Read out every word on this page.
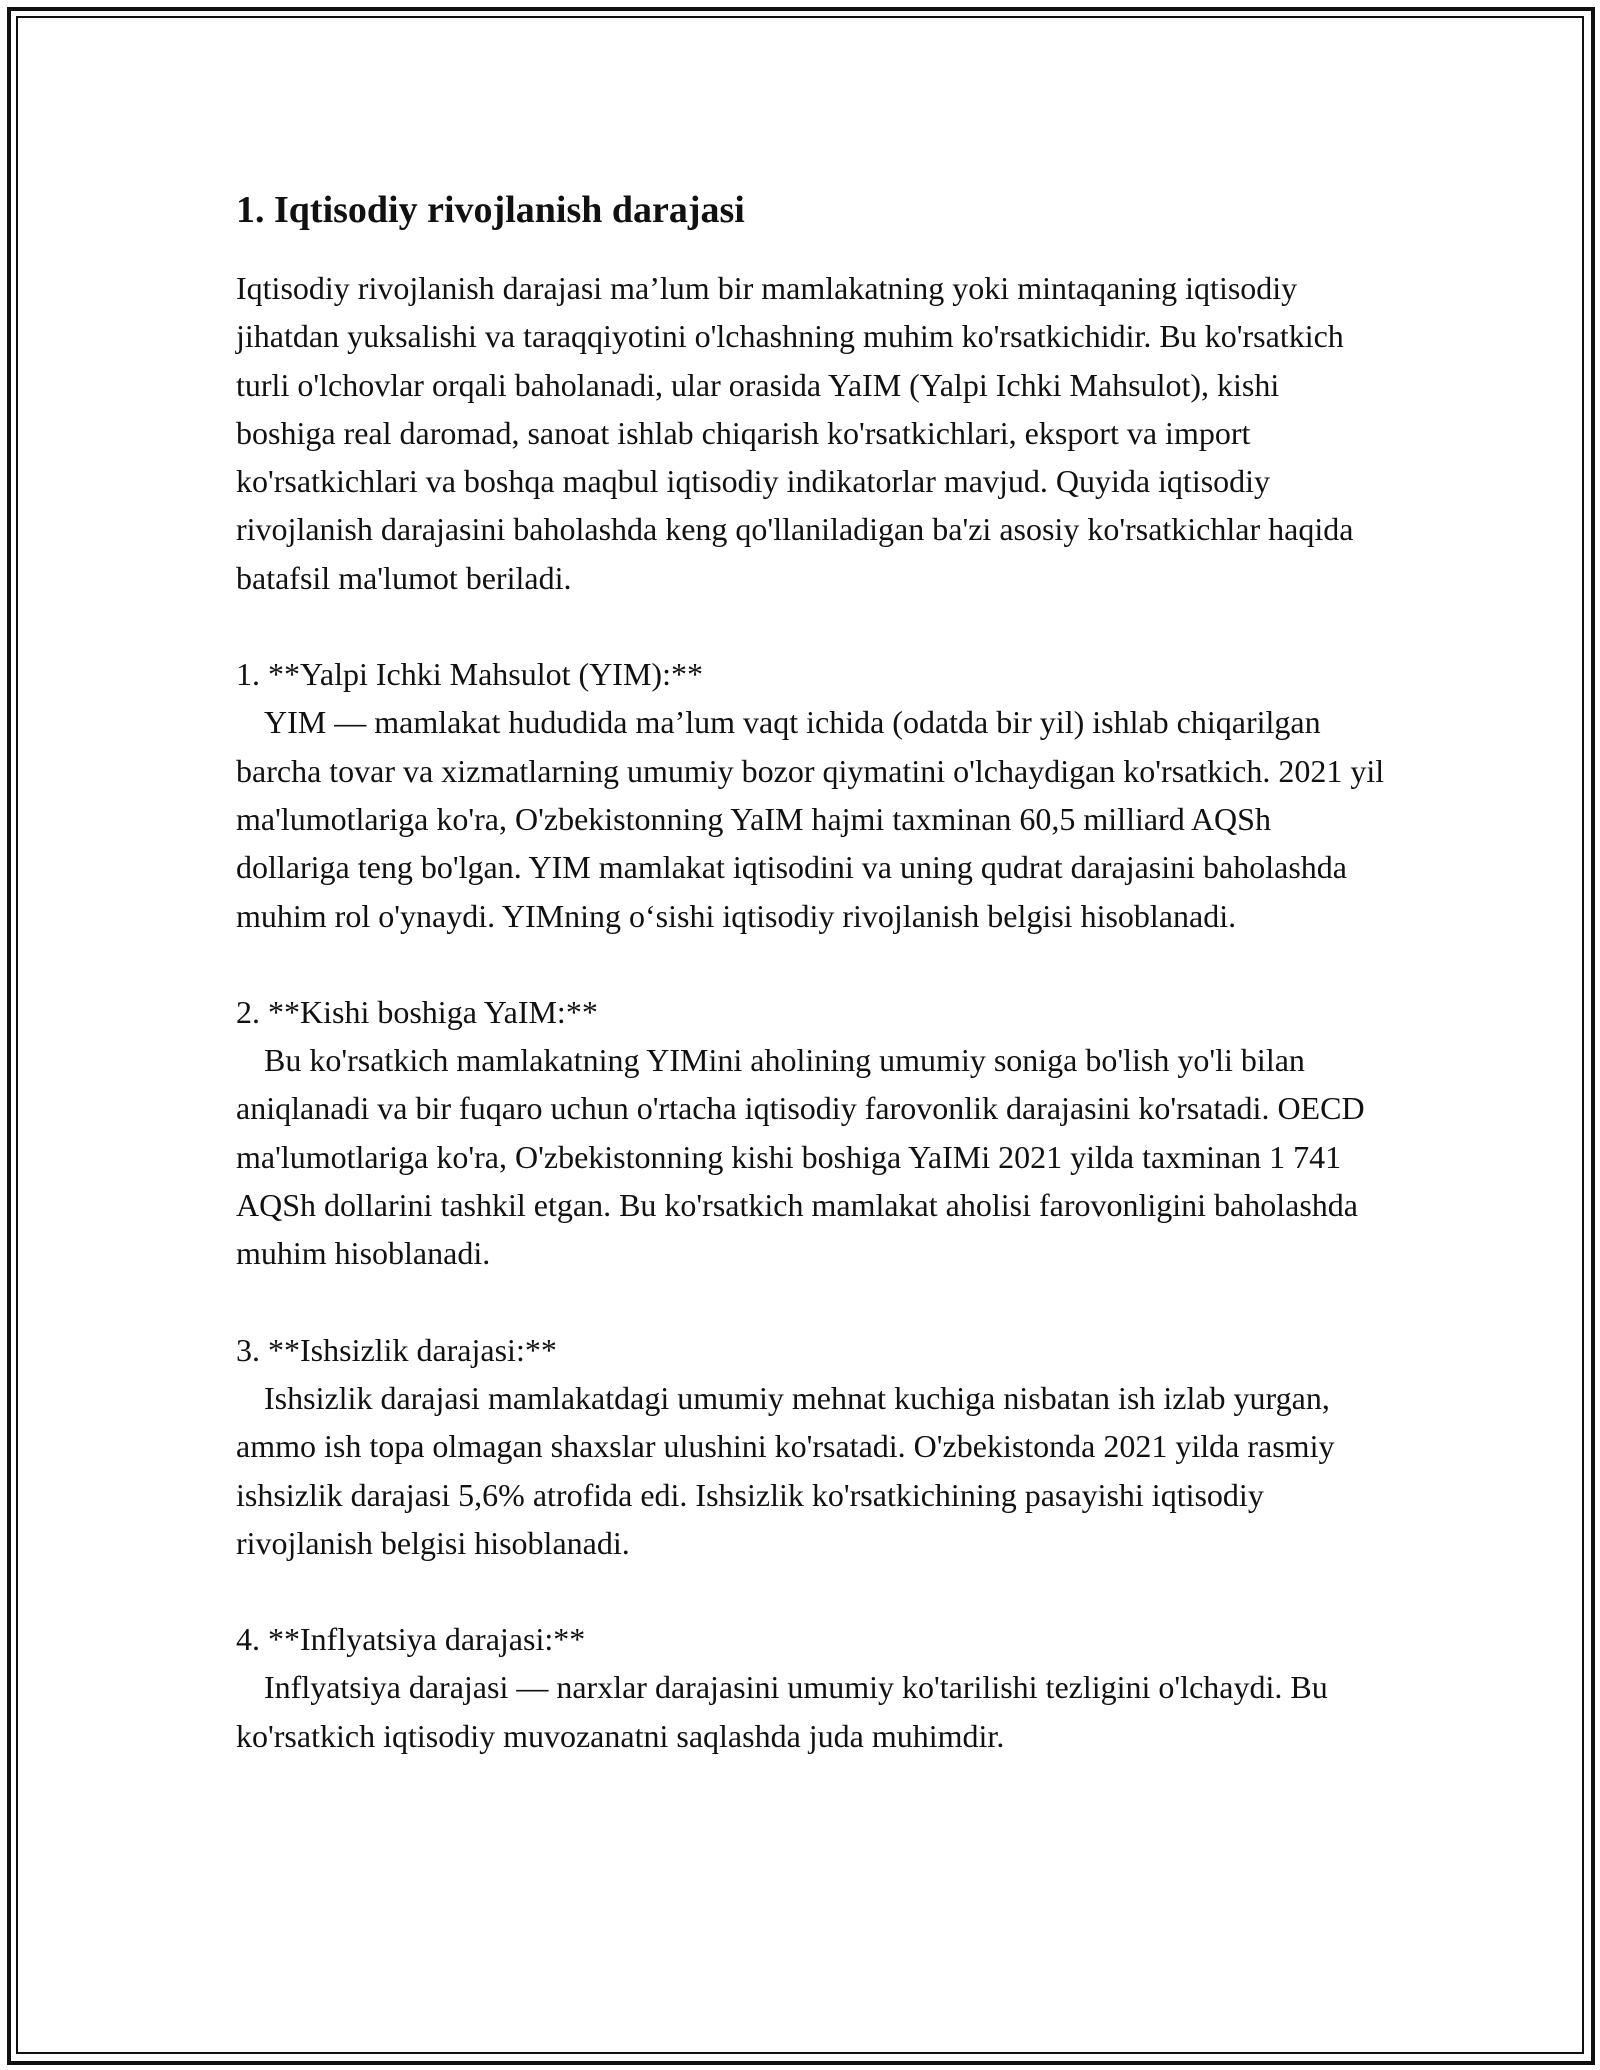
1. Iqtisodiy rivojlanish darajasi

Iqtisodiy rivojlanish darajasi ma’lum bir mamlakatning yoki mintaqaning iqtisodiy jihatdan yuksalishi va taraqqiyotini o'lchashning muhim ko'rsatkichidir. Bu ko'rsatkich turli o'lchovlar orqali baholanadi, ular orasida YaIM (Yalpi Ichki Mahsulot), kishi boshiga real daromad, sanoat ishlab chiqarish ko'rsatkichlari, eksport va import ko'rsatkichlari va boshqa maqbul iqtisodiy indikatorlar mavjud. Quyida iqtisodiy rivojlanish darajasini baholashda keng qo'llaniladigan ba'zi asosiy ko'rsatkichlar haqida batafsil ma'lumot beriladi.

1. **Yalpi Ichki Mahsulot (YIM):**

YIM — mamlakat hududida ma’lum vaqt ichida (odatda bir yil) ishlab chiqarilgan barcha tovar va xizmatlarning umumiy bozor qiymatini o'lchaydigan ko'rsatkich. 2021 yil ma'lumotlariga ko'ra, O'zbekistonning YaIM hajmi taxminan 60,5 milliard AQSh dollariga teng bo'lgan. YIM mamlakat iqtisodini va uning qudrat darajasini baholashda muhim rol o'ynaydi. YIMning o‘sishi iqtisodiy rivojlanish belgisi hisoblanadi.

2. **Kishi boshiga YaIM:**

Bu ko'rsatkich mamlakatning YIMini aholining umumiy soniga bo'lish yo'li bilan aniqlanadi va bir fuqaro uchun o'rtacha iqtisodiy farovonlik darajasini ko'rsatadi. OECD ma'lumotlariga ko'ra, O'zbekistonning kishi boshiga YaIMi 2021 yilda taxminan 1 741 AQSh dollarini tashkil etgan. Bu ko'rsatkich mamlakat aholisi farovonligini baholashda muhim hisoblanadi.

3. **Ishsizlik darajasi:**

Ishsizlik darajasi mamlakatdagi umumiy mehnat kuchiga nisbatan ish izlab yurgan, ammo ish topa olmagan shaxslar ulushini ko'rsatadi. O'zbekistonda 2021 yilda rasmiy ishsizlik darajasi 5,6% atrofida edi. Ishsizlik ko'rsatkichining pasayishi iqtisodiy rivojlanish belgisi hisoblanadi.

4. **Inflyatsiya darajasi:**

Inflyatsiya darajasi — narxlar darajasini umumiy ko'tarilishi tezligini o'lchaydi. Bu ko'rsatkich iqtisodiy muvozanatni saqlashda juda muhimdir.
